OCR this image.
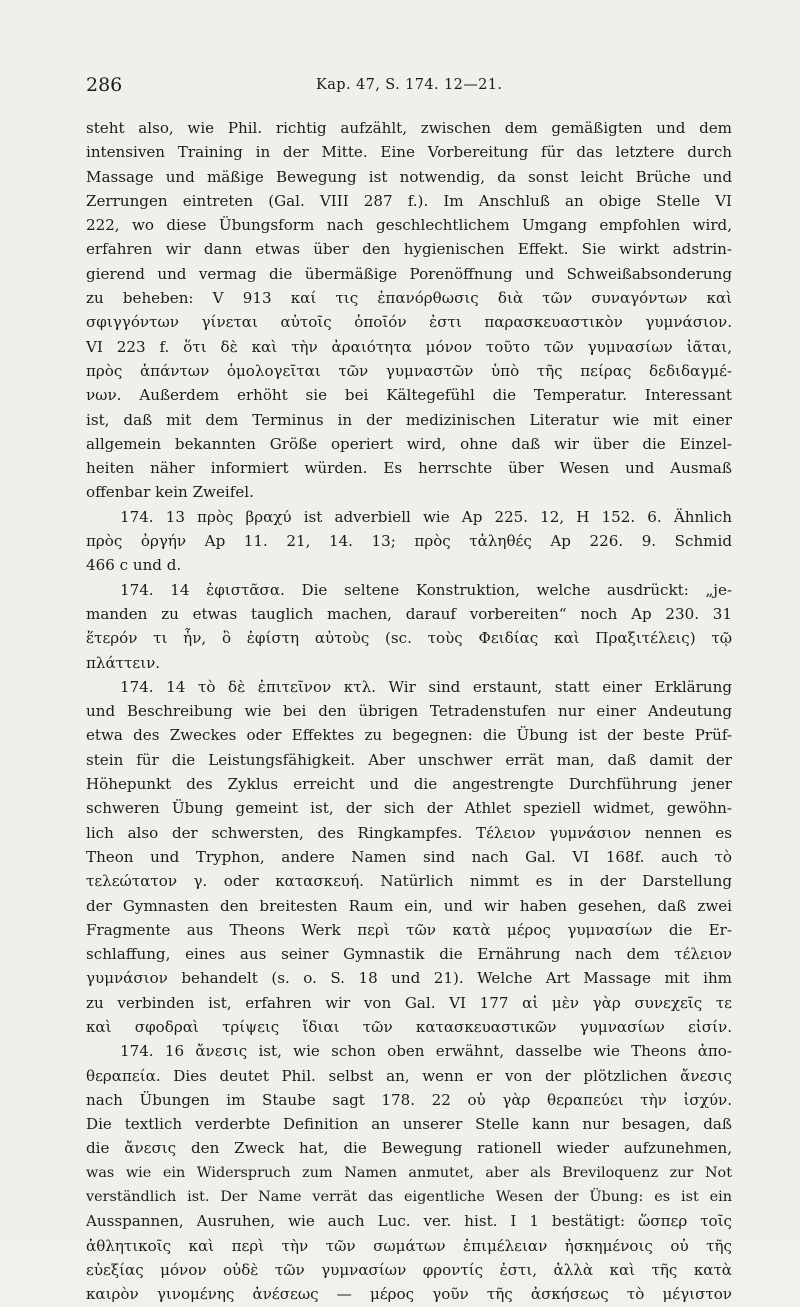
286	Kap. 47, S. 174. 12—21.
steht also, wie Phil. richtig aufzählt, zwischen dem gemäßigten und dem
intensiven Training in der Mitte. Eine Vorbereitung für das letztere durch
Massage und mäßige Bewegung ist notwendig, da sonst leicht Brüche und
Zerrungen eintreten (Gal. VIII 287 f.). Im Anschluß an obige Stelle VI
222, wo diese Übungsform nach geschlechtlichem Umgang empfohlen wird,
erfahren wir dann etwas über den hygienischen Effekt. Sie wirkt adstrin-
gierend und vermag die übermäßige Porenöffnung und Schweißabsonderung
zu beheben: V 913 καί τις ἐπανόρθωσις διὰ τῶν συναγόντων καὶ
σφιγγόντων γίνεται αὐτοῖς ὁποῖόν ἐστι παρασκευαστικὸν γυμνάσιον.
VI 223 f. ὅτι δὲ καὶ τὴν ἀραιότητα μόνον τοῦτο τῶν γυμνασίων ἰᾶται,
πρὸς ἁπάντων ὁμολογεῖται τῶν γυμναστῶν ὑπὸ τῆς πείρας δεδιδαγμέ-
νων. Außerdem erhöht sie bei Kältegefühl die Temperatur. Interessant
ist, daß mit dem Terminus in der medizinischen Literatur wie mit einer
allgemein bekannten Größe operiert wird, ohne daß wir über die Einzel-
heiten näher informiert würden. Es herrschte über Wesen und Ausmaß
offenbar kein Zweifel.
174. 13 πρὸς βραχύ ist adverbiell wie Ap 225. 12, H 152. 6. Ähnlich
πρὸς ὀργήν Ap 11. 21, 14. 13; πρὸς τἀληθές Ap 226. 9. Schmid
466 c und d.
174. 14 ἐφιστᾶσα. Die seltene Konstruktion, welche ausdrückt: „je-
manden zu etwas tauglich machen, darauf vorbereiten“ noch Ap 230. 31
ἕτερόν τι ἦν, ὃ ἐφίστη αὐτοὺς (sc. τοὺς Φειδίας καὶ Πραξιτέλεις) τῷ
πλάττειν.
174. 14 τὸ δὲ ἐπιτεῖνον κτλ. Wir sind erstaunt, statt einer Erklärung
und Beschreibung wie bei den übrigen Tetradenstufen nur einer Andeutung
etwa des Zweckes oder Effektes zu begegnen: die Übung ist der beste Prüf-
stein für die Leistungsfähigkeit. Aber unschwer errät man, daß damit der
Höhepunkt des Zyklus erreicht und die angestrengte Durchführung jener
schweren Übung gemeint ist, der sich der Athlet speziell widmet, gewöhn-
lich also der schwersten, des Ringkampfes. Τέλειον γυμνάσιον nennen es
Theon und Tryphon, andere Namen sind nach Gal. VI 168f. auch τὸ
τελεώτατον γ. oder κατασκευή. Natürlich nimmt es in der Darstellung
der Gymnasten den breitesten Raum ein, und wir haben gesehen, daß zwei
Fragmente aus Theons Werk περὶ τῶν κατὰ μέρος γυμνασίων die Er-
schlaffung, eines aus seiner Gymnastik die Ernährung nach dem τέλειον
γυμνάσιον behandelt (s. o. S. 18 und 21). Welche Art Massage mit ihm
zu verbinden ist, erfahren wir von Gal. VI 177 αἱ μὲν γὰρ συνεχεῖς τε
καὶ σφοδραὶ τρίψεις ἴδιαι τῶν κατασκευαστικῶν γυμνασίων εἰσίν.
174. 16 ἄνεσις ist, wie schon oben erwähnt, dasselbe wie Theons ἀπο-
θεραπεία. Dies deutet Phil. selbst an, wenn er von der plötzlichen ἄνεσις
nach Übungen im Staube sagt 178. 22 οὐ γὰρ θεραπεύει τὴν ἰσχύν.
Die textlich verderbte Definition an unserer Stelle kann nur besagen, daß
die ἄνεσις den Zweck hat, die Bewegung rationell wieder aufzunehmen,
was wie ein Widerspruch zum Namen anmutet, aber als Breviloquenz zur Not
verständlich ist. Der Name verrät das eigentliche Wesen der Übung: es ist ein
Ausspannen, Ausruhen, wie auch Luc. ver. hist. I 1 bestätigt: ὥσπερ τοῖς
ἀθλητικοῖς καὶ περὶ τὴν τῶν σωμάτων ἐπιμέλειαν ἠσκημένοις οὐ τῆς
εὐεξίας μόνον οὐδὲ τῶν γυμνασίων φροντίς ἐστι, ἀλλὰ καὶ τῆς κατὰ
καιρὸν γινομένης ἀνέσεως — μέρος γοῦν τῆς ἀσκήσεως τὸ μέγιστον
